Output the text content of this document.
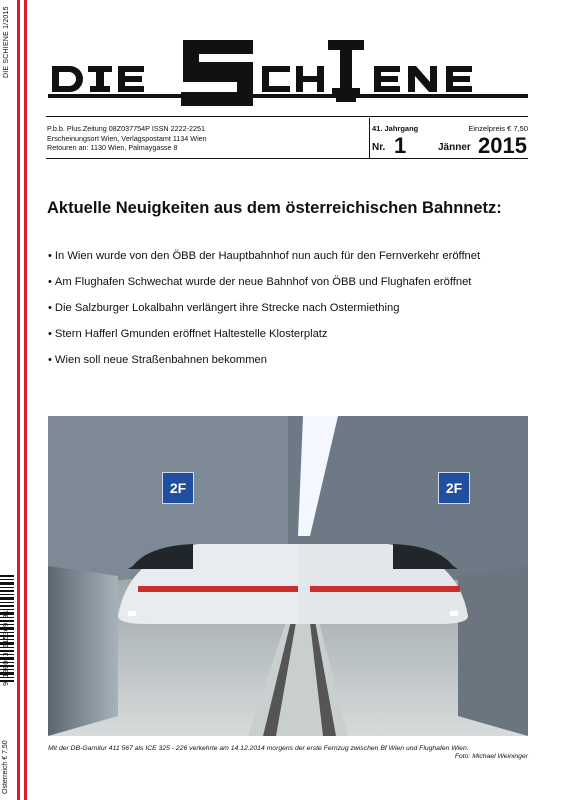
DIE SCHIENE 1/2015
Österreich € 7,50
P.b.b. Plus.Zeitung 08Z037754P ISSN 2222-2251
Erscheinungsort Wien, Verlagspostamt 1134 Wien
Retouren an: 1130 Wien, Palmaygasse 8
41. Jahrgang	Einzelpreis € 7,50
Nr. 1	Jänner 2015
Aktuelle Neuigkeiten aus dem österreichischen Bahnnetz:
• In Wien wurde von den ÖBB der Hauptbahnhof nun auch für den Fernverkehr eröffnet
• Am Flughafen Schwechat wurde der neue Bahnhof von ÖBB und Flughafen eröffnet
• Die Salzburger Lokalbahn verlängert ihre Strecke nach Ostermiething
• Stern Hafferl Gmunden eröffnet Haltestelle Klosterplatz
• Wien soll neue Straßenbahnen bekommen
2F	2F
Mit der DB-Garnitur 411 567 als ICE 325 - 226 verkehrte am 14.12.2014 morgens der erste Fernzug zwischen Bf Wien und Flughafen Wien.
Foto: Michael Weininger
9 190003 015369 01
